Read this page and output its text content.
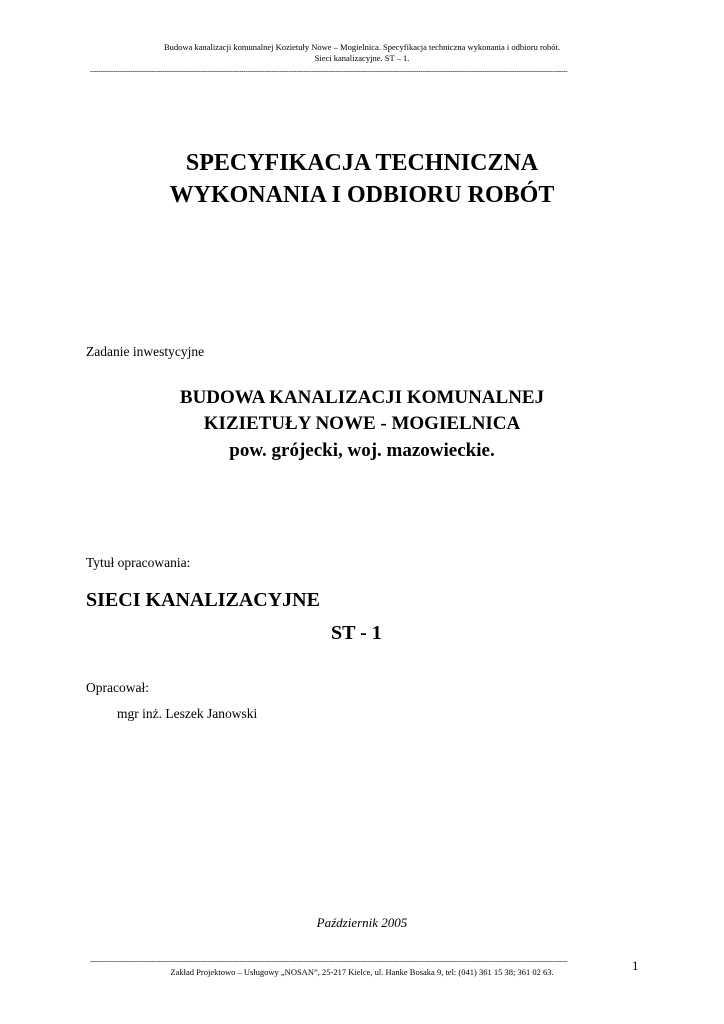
Budowa kanalizacji komunalnej Kozietuły Nowe – Mogielnica. Specyfikacja techniczna wykonania i odbioru robót.
Sieci kanalizacyjne. ST – 1.
--------------------------------------------------------------------------------------------------------------------------------------------------------------------------------------------------------------------------------
SPECYFIKACJA TECHNICZNA
WYKONANIA I ODBIORU ROBÓT
Zadanie inwestycyjne
BUDOWA KANALIZACJI KOMUNALNEJ
KIZIETUŁY NOWE - MOGIELNICA
pow. grójecki, woj. mazowieckie.
Tytuł opracowania:
SIECI KANALIZACYJNE
ST - 1
Opracował:
mgr inż. Leszek Janowski
Październik 2005
--------------------------------------------------------------------------------------------------------------------------------------------------------------------------------------------------------------------------------
Zakład Projektowo – Usługowy „NOSAN”, 25-217 Kielce, ul. Hanke Bosaka 9, tel: (041) 361 15 38; 361 02 63.	1
